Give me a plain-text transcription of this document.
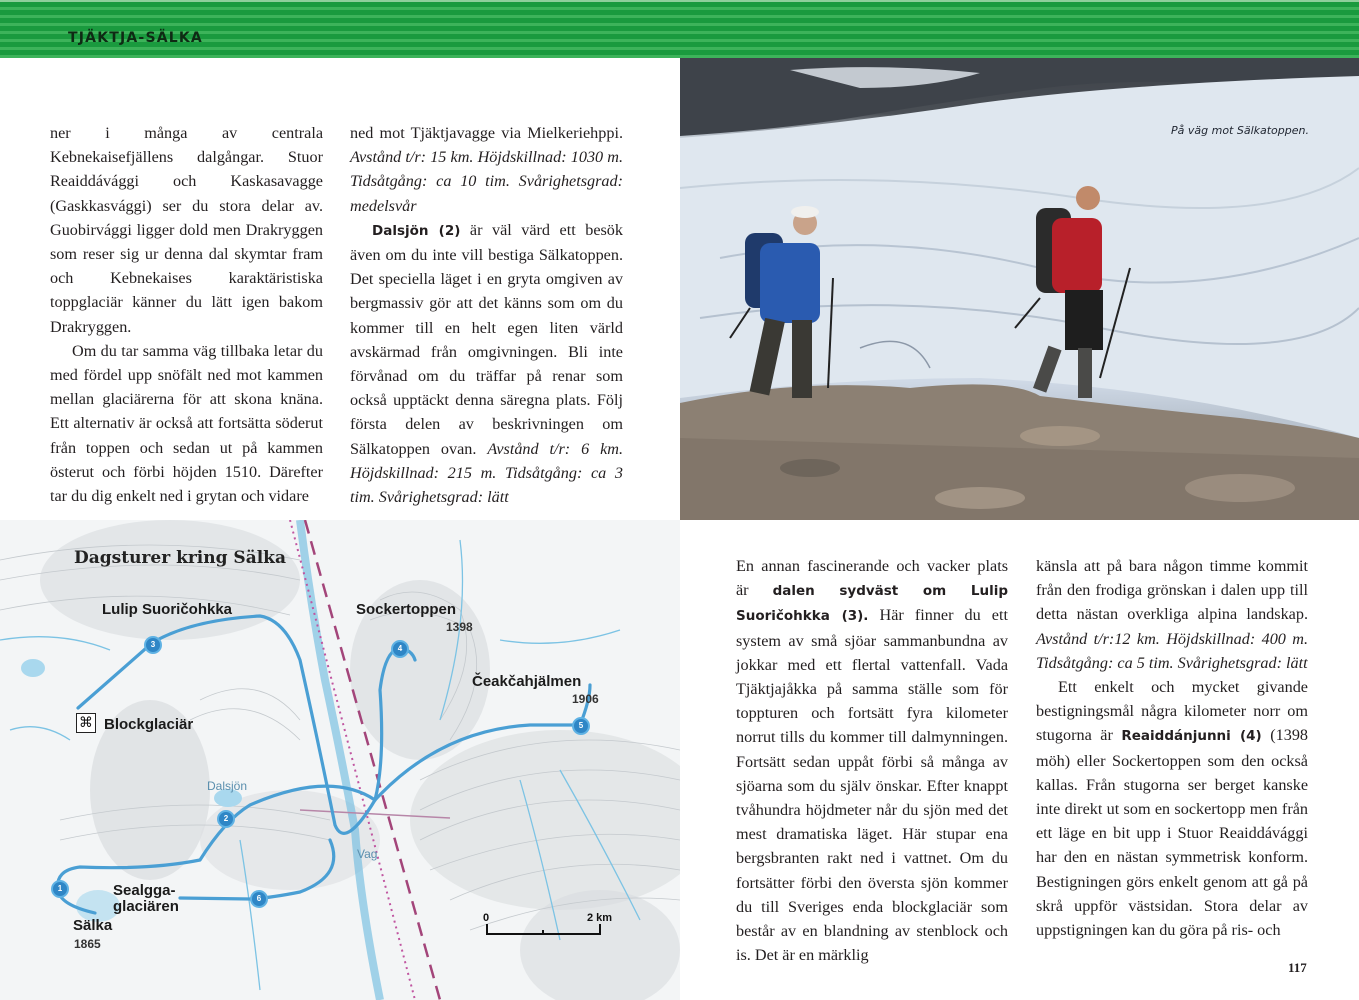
TJÄKTJA-SÄLKA

ner i många av centrala Kebnekaisefjällens dalgångar. Stuor Reaiddávággi och Kaskasavagge (Gaskkasvággi) ser du stora delar av. Guobirvággi ligger dold men Drakryggen som reser sig ur denna dal skymtar fram och Kebnekaises karaktäristiska toppglaciär känner du lätt igen bakom Drakryggen.

Om du tar samma väg tillbaka letar du med fördel upp snöfält ned mot kammen mellan glaciärerna för att skona knäna. Ett alternativ är också att fortsätta söderut från toppen och sedan ut på kammen österut och förbi höjden 1510. Därefter tar du dig enkelt ned i grytan och vidare

ned mot Tjäktjavagge via Mielkeriehppi. Avstånd t/r: 15 km. Höjdskillnad: 1030 m. Tidsåtgång: ca 10 tim. Svårighetsgrad: medelsvår

Dalsjön (2) är väl värd ett besök även om du inte vill bestiga Sälkatoppen. Det speciella läget i en gryta omgiven av bergmassiv gör att det känns som om du kommer till en helt egen liten värld avskärmad från omgivningen. Bli inte förvånad om du träffar på renar som också upptäckt denna säregna plats. Följ första delen av beskrivningen om Sälkatoppen ovan. Avstånd t/r: 6 km. Höjdskillnad: 215 m. Tidsåtgång: ca 3 tim. Svårighetsgrad: lätt

På väg mot Sälkatoppen.
Dagsturer kring Sälka
Lulip Suoričohkka	Sockertoppen
1398
Čeakčahjälmen
1906
⌘ Blockglaciär
Dalsjön
Sealgga-
glaciären
Sälka
1865
Vag
1
2
3	4
5
6
0	2 km

En annan fascinerande och vacker plats är dalen sydväst om Lulip Suoričohkka (3). Här finner du ett system av små sjöar sammanbundna av jokkar med ett flertal vattenfall. Vada Tjäktjajåkka på samma ställe som för toppturen och fortsätt fyra kilometer norrut tills du kommer till dalmynningen. Fortsätt sedan uppåt förbi så många av sjöarna som du själv önskar. Efter knappt tvåhundra höjdmeter når du sjön med det mest dramatiska läget. Här stupar ena bergsbranten rakt ned i vattnet. Om du fortsätter förbi den översta sjön kommer du till Sveriges enda blockglaciär som består av en blandning av stenblock och is. Det är en märklig

känsla att på bara någon timme kommit från den frodiga grönskan i dalen upp till detta nästan overkliga alpina landskap. Avstånd t/r:12 km. Höjdskillnad: 400 m. Tidsåtgång: ca 5 tim. Svårighetsgrad: lätt

Ett enkelt och mycket givande bestigningsmål några kilometer norr om stugorna är Reaiddánjunni (4) (1398 möh) eller Sockertoppen som den också kallas. Från stugorna ser berget kanske inte direkt ut som en sockertopp men från ett läge en bit upp i Stuor Reaiddávággi har den en nästan symmetrisk konform. Bestigningen görs enkelt genom att gå på skrå uppför västsidan. Stora delar av uppstigningen kan du göra på ris- och

117
